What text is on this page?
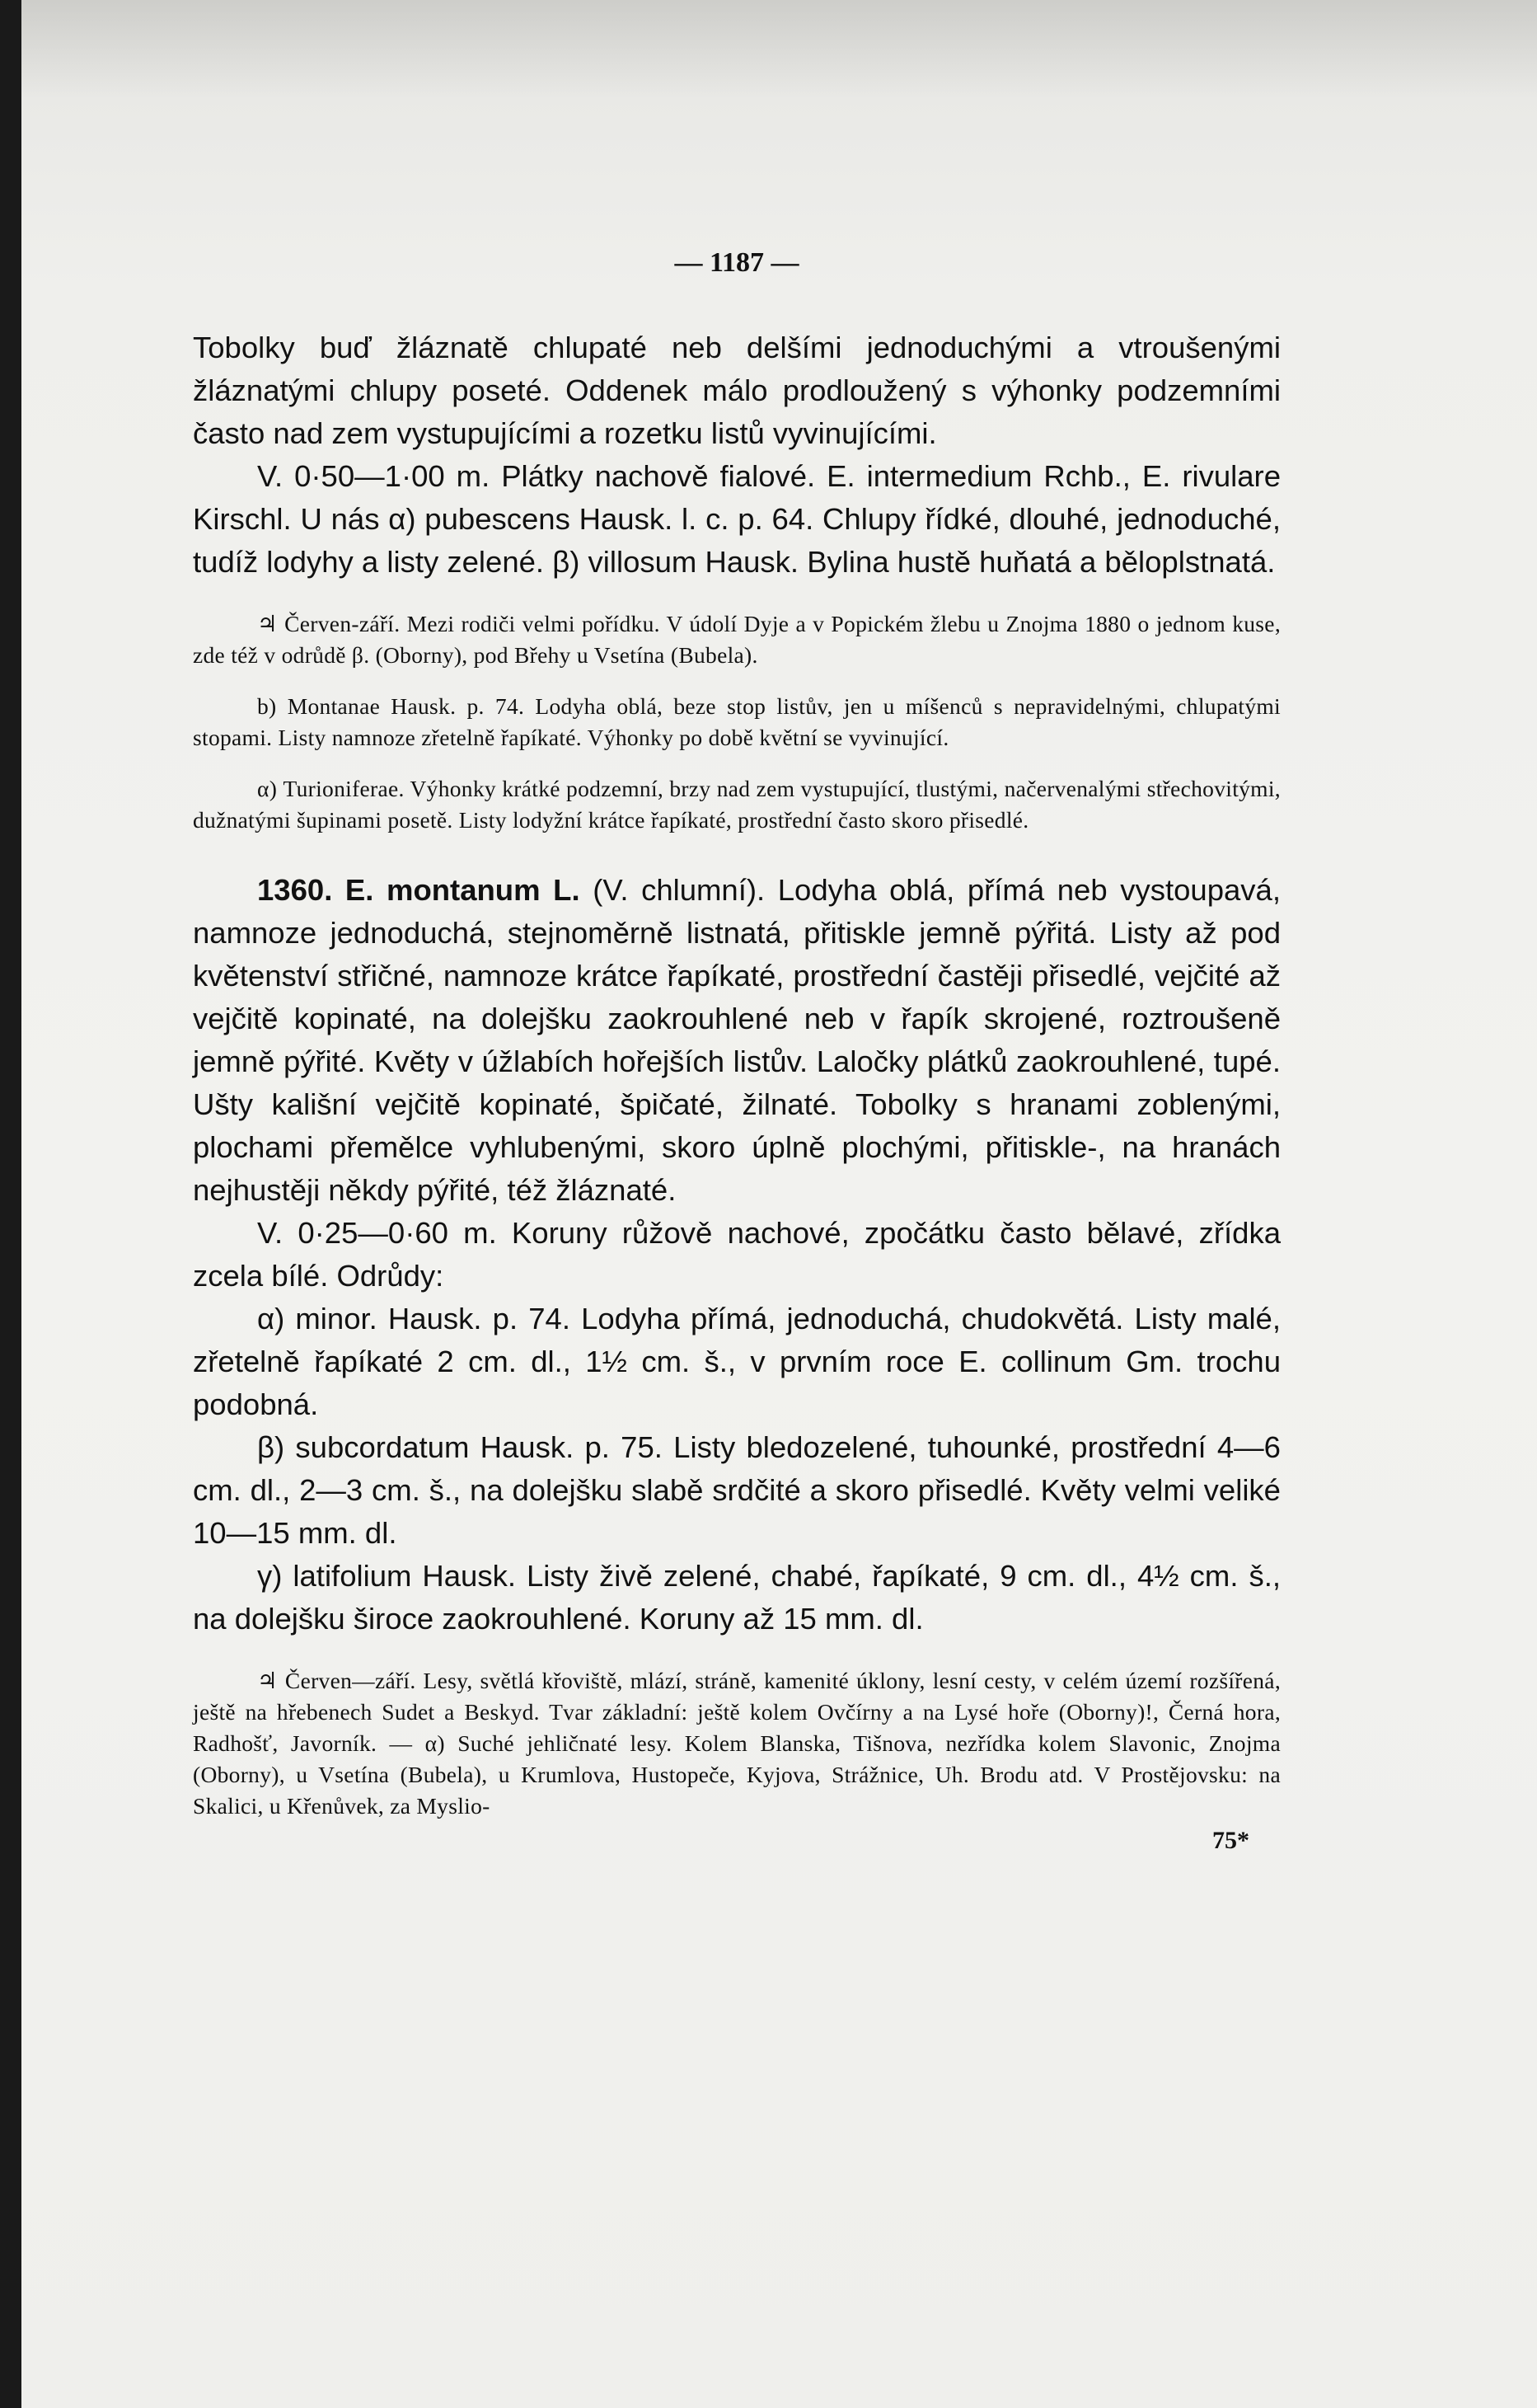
— 1187 —

Tobolky buď žláznatě chlupaté neb delšími jednoduchými a vtroušenými žláznatými chlupy poseté. Oddenek málo prodloužený s výhonky podzemními často nad zem vystupujícími a rozetku listů vyvinujícími.

V. 0·50—1·00 m. Plátky nachově fialové. E. intermedium Rchb., E. rivulare Kirschl. U nás α) pubescens Hausk. l. c. p. 64. Chlupy řídké, dlouhé, jednoduché, tudíž lodyhy a listy zelené. β) villosum Hausk. Bylina hustě huňatá a běloplstnatá.

♃ Červen-září. Mezi rodiči velmi pořídku. V údolí Dyje a v Popickém žlebu u Znojma 1880 o jednom kuse, zde též v odrůdě β. (Oborny), pod Břehy u Vsetína (Bubela).

b) Montanae Hausk. p. 74. Lodyha oblá, beze stop listův, jen u míšenců s nepravidelnými, chlupatými stopami. Listy namnoze zřetelně řapíkaté. Výhonky po době květní se vyvinující.

α) Turioniferae. Výhonky krátké podzemní, brzy nad zem vystupující, tlustými, načervenalými střechovitými, dužnatými šupinami posetě. Listy lodyžní krátce řapíkaté, prostřední často skoro přisedlé.

1360. E. montanum L. (V. chlumní). Lodyha oblá, přímá neb vystoupavá, namnoze jednoduchá, stejnoměrně listnatá, přitiskle jemně pýřitá. Listy až pod květenství střičné, namnoze krátce řapíkaté, prostřední častěji přisedlé, vejčité až vejčitě kopinaté, na dolejšku zaokrouhlené neb v řapík skrojené, roztroušeně jemně pýřité. Květy v úžlabích hořejších listův. Laločky plátků zaokrouhlené, tupé. Ušty kališní vejčitě kopinaté, špičaté, žilnaté. Tobolky s hranami zoblenými, plochami přemělce vyhlubenými, skoro úplně plochými, přitiskle-, na hranách nejhustěji někdy pýřité, též žláznaté.

V. 0·25—0·60 m. Koruny růžově nachové, zpočátku často bělavé, zřídka zcela bílé. Odrůdy:

α) minor. Hausk. p. 74. Lodyha přímá, jednoduchá, chudokvětá. Listy malé, zřetelně řapíkaté 2 cm. dl., 1½ cm. š., v prvním roce E. collinum Gm. trochu podobná.

β) subcordatum Hausk. p. 75. Listy bledozelené, tuhounké, prostřední 4—6 cm. dl., 2—3 cm. š., na dolejšku slabě srdčité a skoro přisedlé. Květy velmi veliké 10—15 mm. dl.

γ) latifolium Hausk. Listy živě zelené, chabé, řapíkaté, 9 cm. dl., 4½ cm. š., na dolejšku široce zaokrouhlené. Koruny až 15 mm. dl.

♃ Červen—září. Lesy, světlá křoviště, mlází, stráně, kamenité úklony, lesní cesty, v celém území rozšířená, ještě na hřebenech Sudet a Beskyd. Tvar základní: ještě kolem Ovčírny a na Lysé hoře (Oborny)!, Černá hora, Radhošť, Javorník. — α) Suché jehličnaté lesy. Kolem Blanska, Tišnova, nezřídka kolem Slavonic, Znojma (Oborny), u Vsetína (Bubela), u Krumlova, Hustopeče, Kyjova, Strážnice, Uh. Brodu atd. V Prostějovsku: na Skalici, u Křenůvek, za Myslio-

75*
